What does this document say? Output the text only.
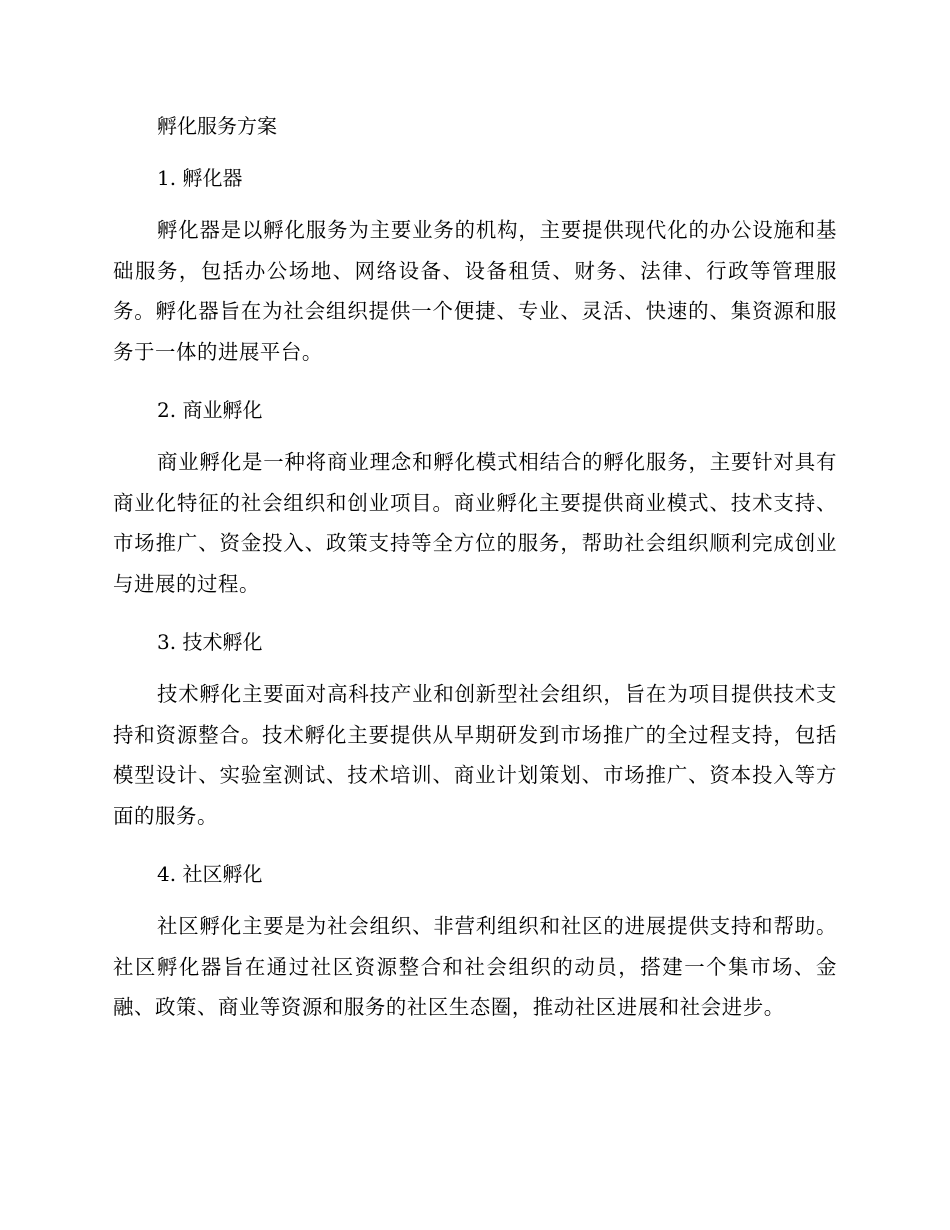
孵化服务方案
1. 孵化器

孵化器是以孵化服务为主要业务的机构，主要提供现代化的办公设施和基础服务，包括办公场地、网络设备、设备租赁、财务、法律、行政等管理服务。孵化器旨在为社会组织提供一个便捷、专业、灵活、快速的、集资源和服务于一体的进展平台。

2. 商业孵化

商业孵化是一种将商业理念和孵化模式相结合的孵化服务，主要针对具有商业化特征的社会组织和创业项目。商业孵化主要提供商业模式、技术支持、市场推广、资金投入、政策支持等全方位的服务，帮助社会组织顺利完成创业与进展的过程。

3. 技术孵化

技术孵化主要面对高科技产业和创新型社会组织，旨在为项目提供技术支持和资源整合。技术孵化主要提供从早期研发到市场推广的全过程支持，包括模型设计、实验室测试、技术培训、商业计划策划、市场推广、资本投入等方面的服务。

4. 社区孵化

社区孵化主要是为社会组织、非营利组织和社区的进展提供支持和帮助。社区孵化器旨在通过社区资源整合和社会组织的动员，搭建一个集市场、金融、政策、商业等资源和服务的社区生态圈，推动社区进展和社会进步。
